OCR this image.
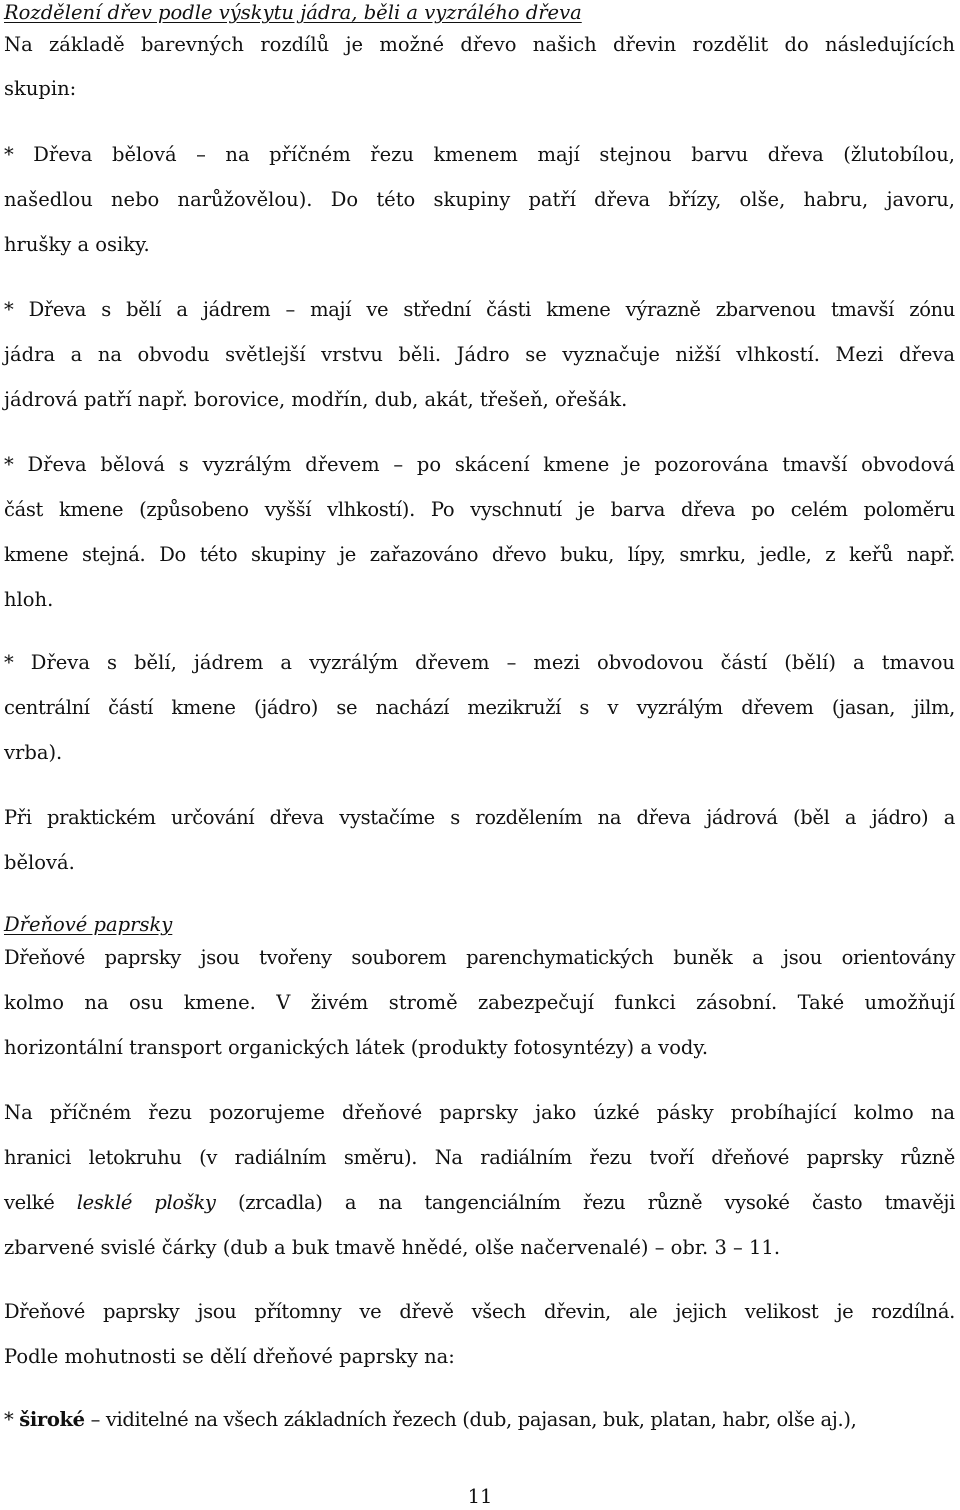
Rozdělení dřev podle výskytu jádra, běli a vyzrálého dřeva
Na základě barevných rozdílů je možné dřevo našich dřevin rozdělit do následujících
skupin:
* Dřeva bělová – na příčném řezu kmenem mají stejnou barvu dřeva (žlutobílou,
našedlou nebo narůžovělou). Do této skupiny patří dřeva břízy, olše, habru, javoru,
hrušky a osiky.
* Dřeva s bělí a jádrem – mají ve střední části kmene výrazně zbarvenou tmavší zónu
jádra a na obvodu světlejší vrstvu běli. Jádro se vyznačuje nižší vlhkostí. Mezi dřeva
jádrová patří např. borovice, modřín, dub, akát, třešeň, ořešák.
* Dřeva bělová s vyzrálým dřevem – po skácení kmene je pozorována tmavší obvodová
část kmene (způsobeno vyšší vlhkostí). Po vyschnutí je barva dřeva po celém poloměru
kmene stejná. Do této skupiny je zařazováno dřevo buku, lípy, smrku, jedle, z keřů např.
hloh.
* Dřeva s bělí, jádrem a vyzrálým dřevem – mezi obvodovou částí (bělí) a tmavou
centrální částí kmene (jádro) se nachází mezikruží s v vyzrálým dřevem (jasan, jilm,
vrba).
Při praktickém určování dřeva vystačíme s rozdělením na dřeva jádrová (běl a jádro) a
bělová.
Dřeňové paprsky
Dřeňové paprsky jsou tvořeny souborem parenchymatických buněk a jsou orientovány
kolmo na osu kmene. V živém stromě zabezpečují funkci zásobní. Také umožňují
horizontální transport organických látek (produkty fotosyntézy) a vody.
Na příčném řezu pozorujeme dřeňové paprsky jako úzké pásky probíhající kolmo na
hranici letokruhu (v radiálním směru). Na radiálním řezu tvoří dřeňové paprsky různě
velké lesklé plošky (zrcadla) a na tangenciálním řezu různě vysoké často tmavěji
zbarvené svislé čárky (dub a buk tmavě hnědé, olše načervenalé) – obr. 3 – 11.
Dřeňové paprsky jsou přítomny ve dřevě všech dřevin, ale jejich velikost je rozdílná.
Podle mohutnosti se dělí dřeňové paprsky na:
* široké – viditelné na všech základních řezech (dub, pajasan, buk, platan, habr, olše aj.),
11
